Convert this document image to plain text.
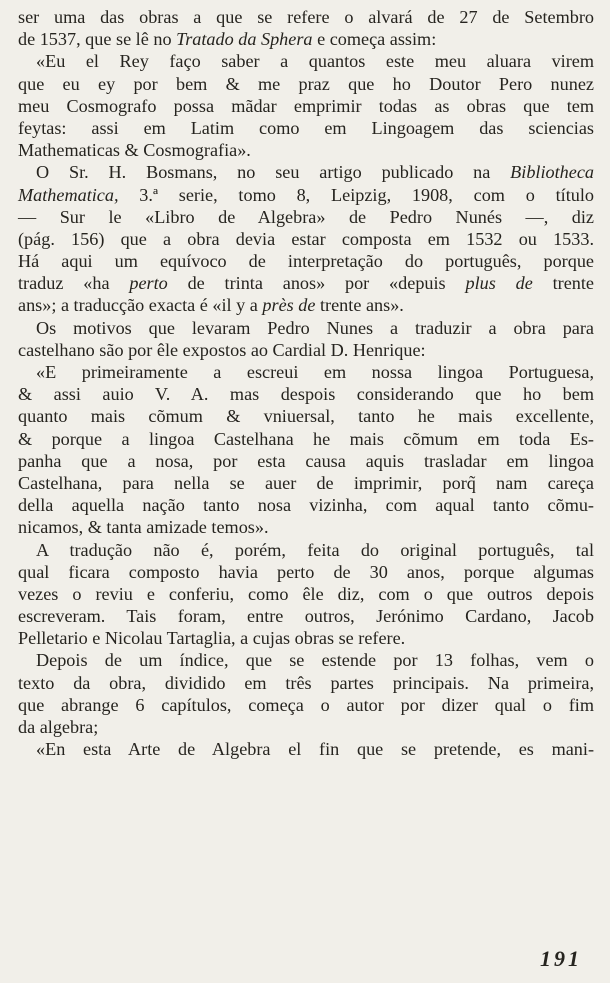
ser uma das obras a que se refere o alvará de 27 de Setembro
de 1537, que se lê no Tratado da Sphera e começa assim:
«Eu el Rey faço saber a quantos este meu aluara virem
que eu ey por bem & me praz que ho Doutor Pero nunez
meu Cosmografo possa mãdar emprimir todas as obras que tem
feytas: assi em Latim como em Lingoagem das sciencias
Mathematicas & Cosmografia».
O Sr. H. Bosmans, no seu artigo publicado na Bibliotheca
Mathematica, 3.ª serie, tomo 8, Leipzig, 1908, com o título
— Sur le «Libro de Algebra» de Pedro Nunés —, diz
(pág. 156) que a obra devia estar composta em 1532 ou 1533.
Há aqui um equívoco de interpretação do português, porque
traduz «ha perto de trinta anos» por «depuis plus de trente
ans»; a traducção exacta é «il y a près de trente ans».
Os motivos que levaram Pedro Nunes a traduzir a obra para
castelhano são por êle expostos ao Cardial D. Henrique:
«E primeiramente a escreui em nossa lingoa Portuguesa,
& assi auio V. A. mas despois considerando que ho bem
quanto mais cõmum & vniuersal, tanto he mais excellente,
& porque a lingoa Castelhana he mais cõmum em toda Es-
panha que a nosa, por esta causa aquis trasladar em lingoa
Castelhana, para nella se auer de imprimir, porq̃ nam careça
della aquella nação tanto nosa vizinha, com aqual tanto cõmu-
nicamos, & tanta amizade temos».
A tradução não é, porém, feita do original português, tal
qual ficara composto havia perto de 30 anos, porque algumas
vezes o reviu e conferiu, como êle diz, com o que outros depois
escreveram. Tais foram, entre outros, Jerónimo Cardano, Jacob
Pelletario e Nicolau Tartaglia, a cujas obras se refere.
Depois de um índice, que se estende por 13 folhas, vem o
texto da obra, dividido em três partes principais. Na primeira,
que abrange 6 capítulos, começa o autor por dizer qual o fim
da algebra;
«En esta Arte de Algebra el fin que se pretende, es mani-
191
